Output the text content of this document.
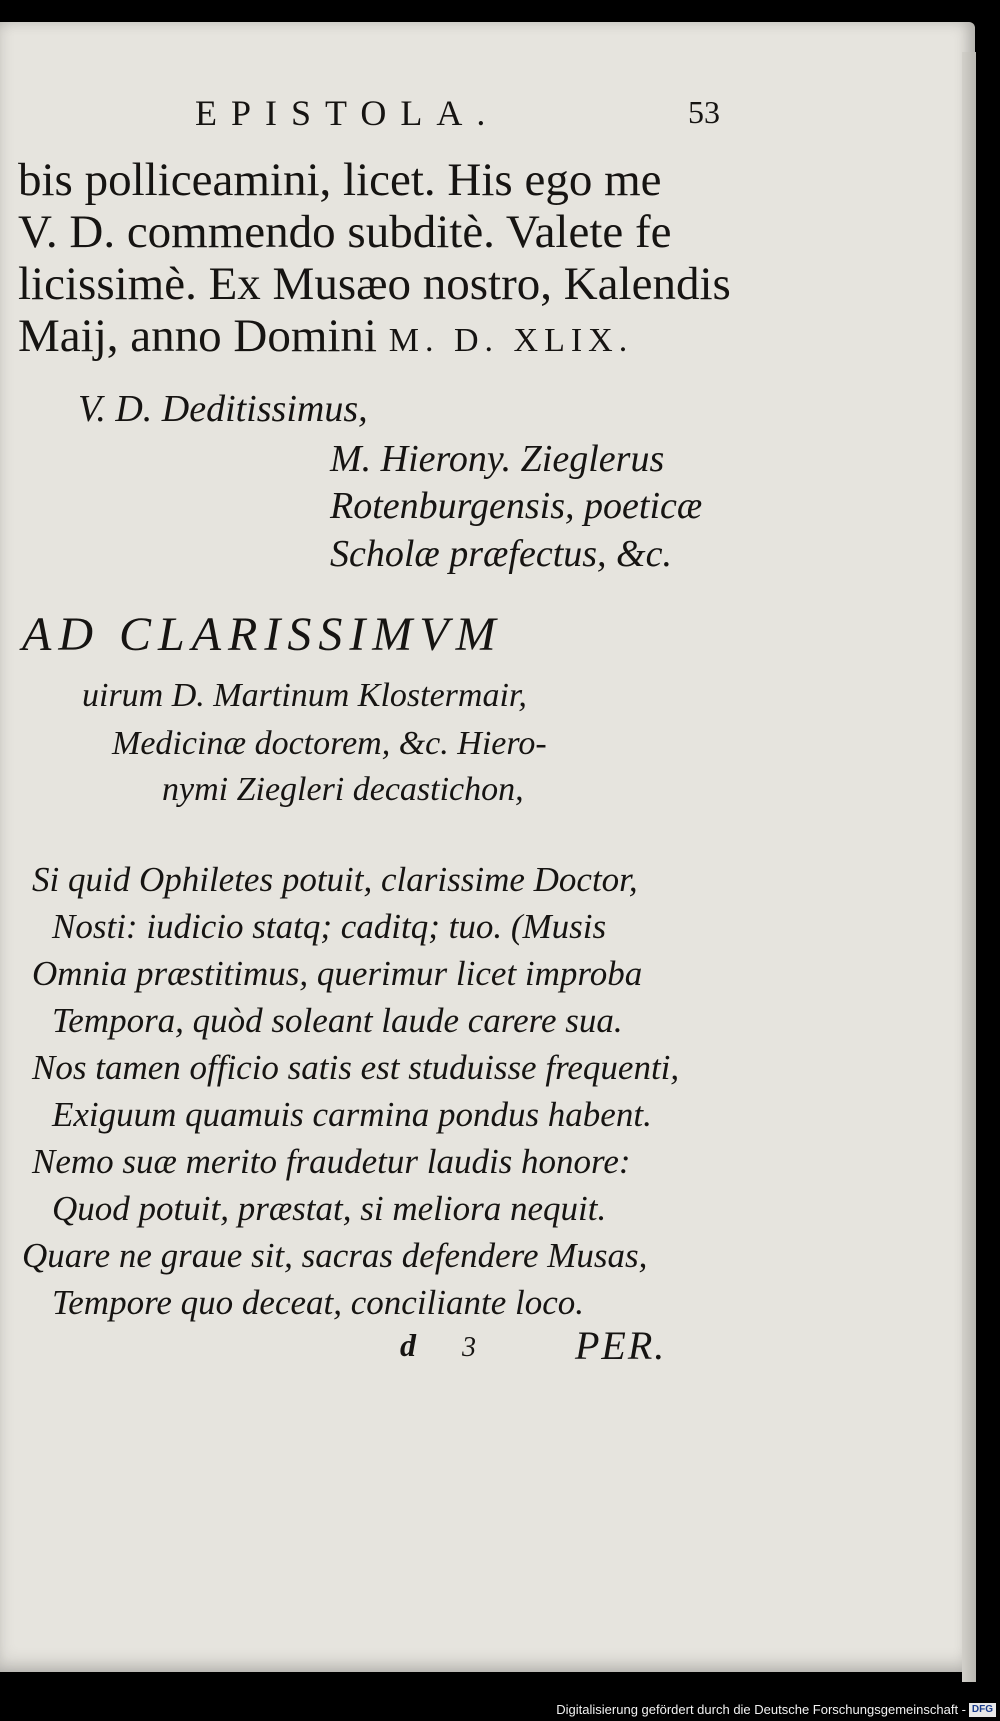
EPISTOLA.	53
bis polliceamini, licet. His ego me
V. D. commendo subditè. Valete fe
licissimè. Ex Musæo nostro, Kalendis
Maij, anno Domini M. D. XLIX.
V. D. Deditissimus,
M. Hierony. Zieglerus
Rotenburgensis, poeticæ
Scholæ præfectus, &c.
AD CLARISSIMVM
uirum D. Martinum Klostermair,
Medicinæ doctorem, &c. Hiero-
nymi Ziegleri decastichon,
Si quid Ophiletes potuit, clarissime Doctor,
Nosti: iudicio statq; caditq; tuo. (Musis
Omnia præstitimus, querimur licet improba
Tempora, quòd soleant laude carere sua.
Nos tamen officio satis est studuisse frequenti,
Exiguum quamuis carmina pondus habent.
Nemo suæ merito fraudetur laudis honore:
Quod potuit, præstat, si meliora nequit.
Quare ne graue sit, sacras defendere Musas,
Tempore quo deceat, conciliante loco.
d 3 PER.
Digitalisierung gefördert durch die Deutsche Forschungsgemeinschaft - DFG
